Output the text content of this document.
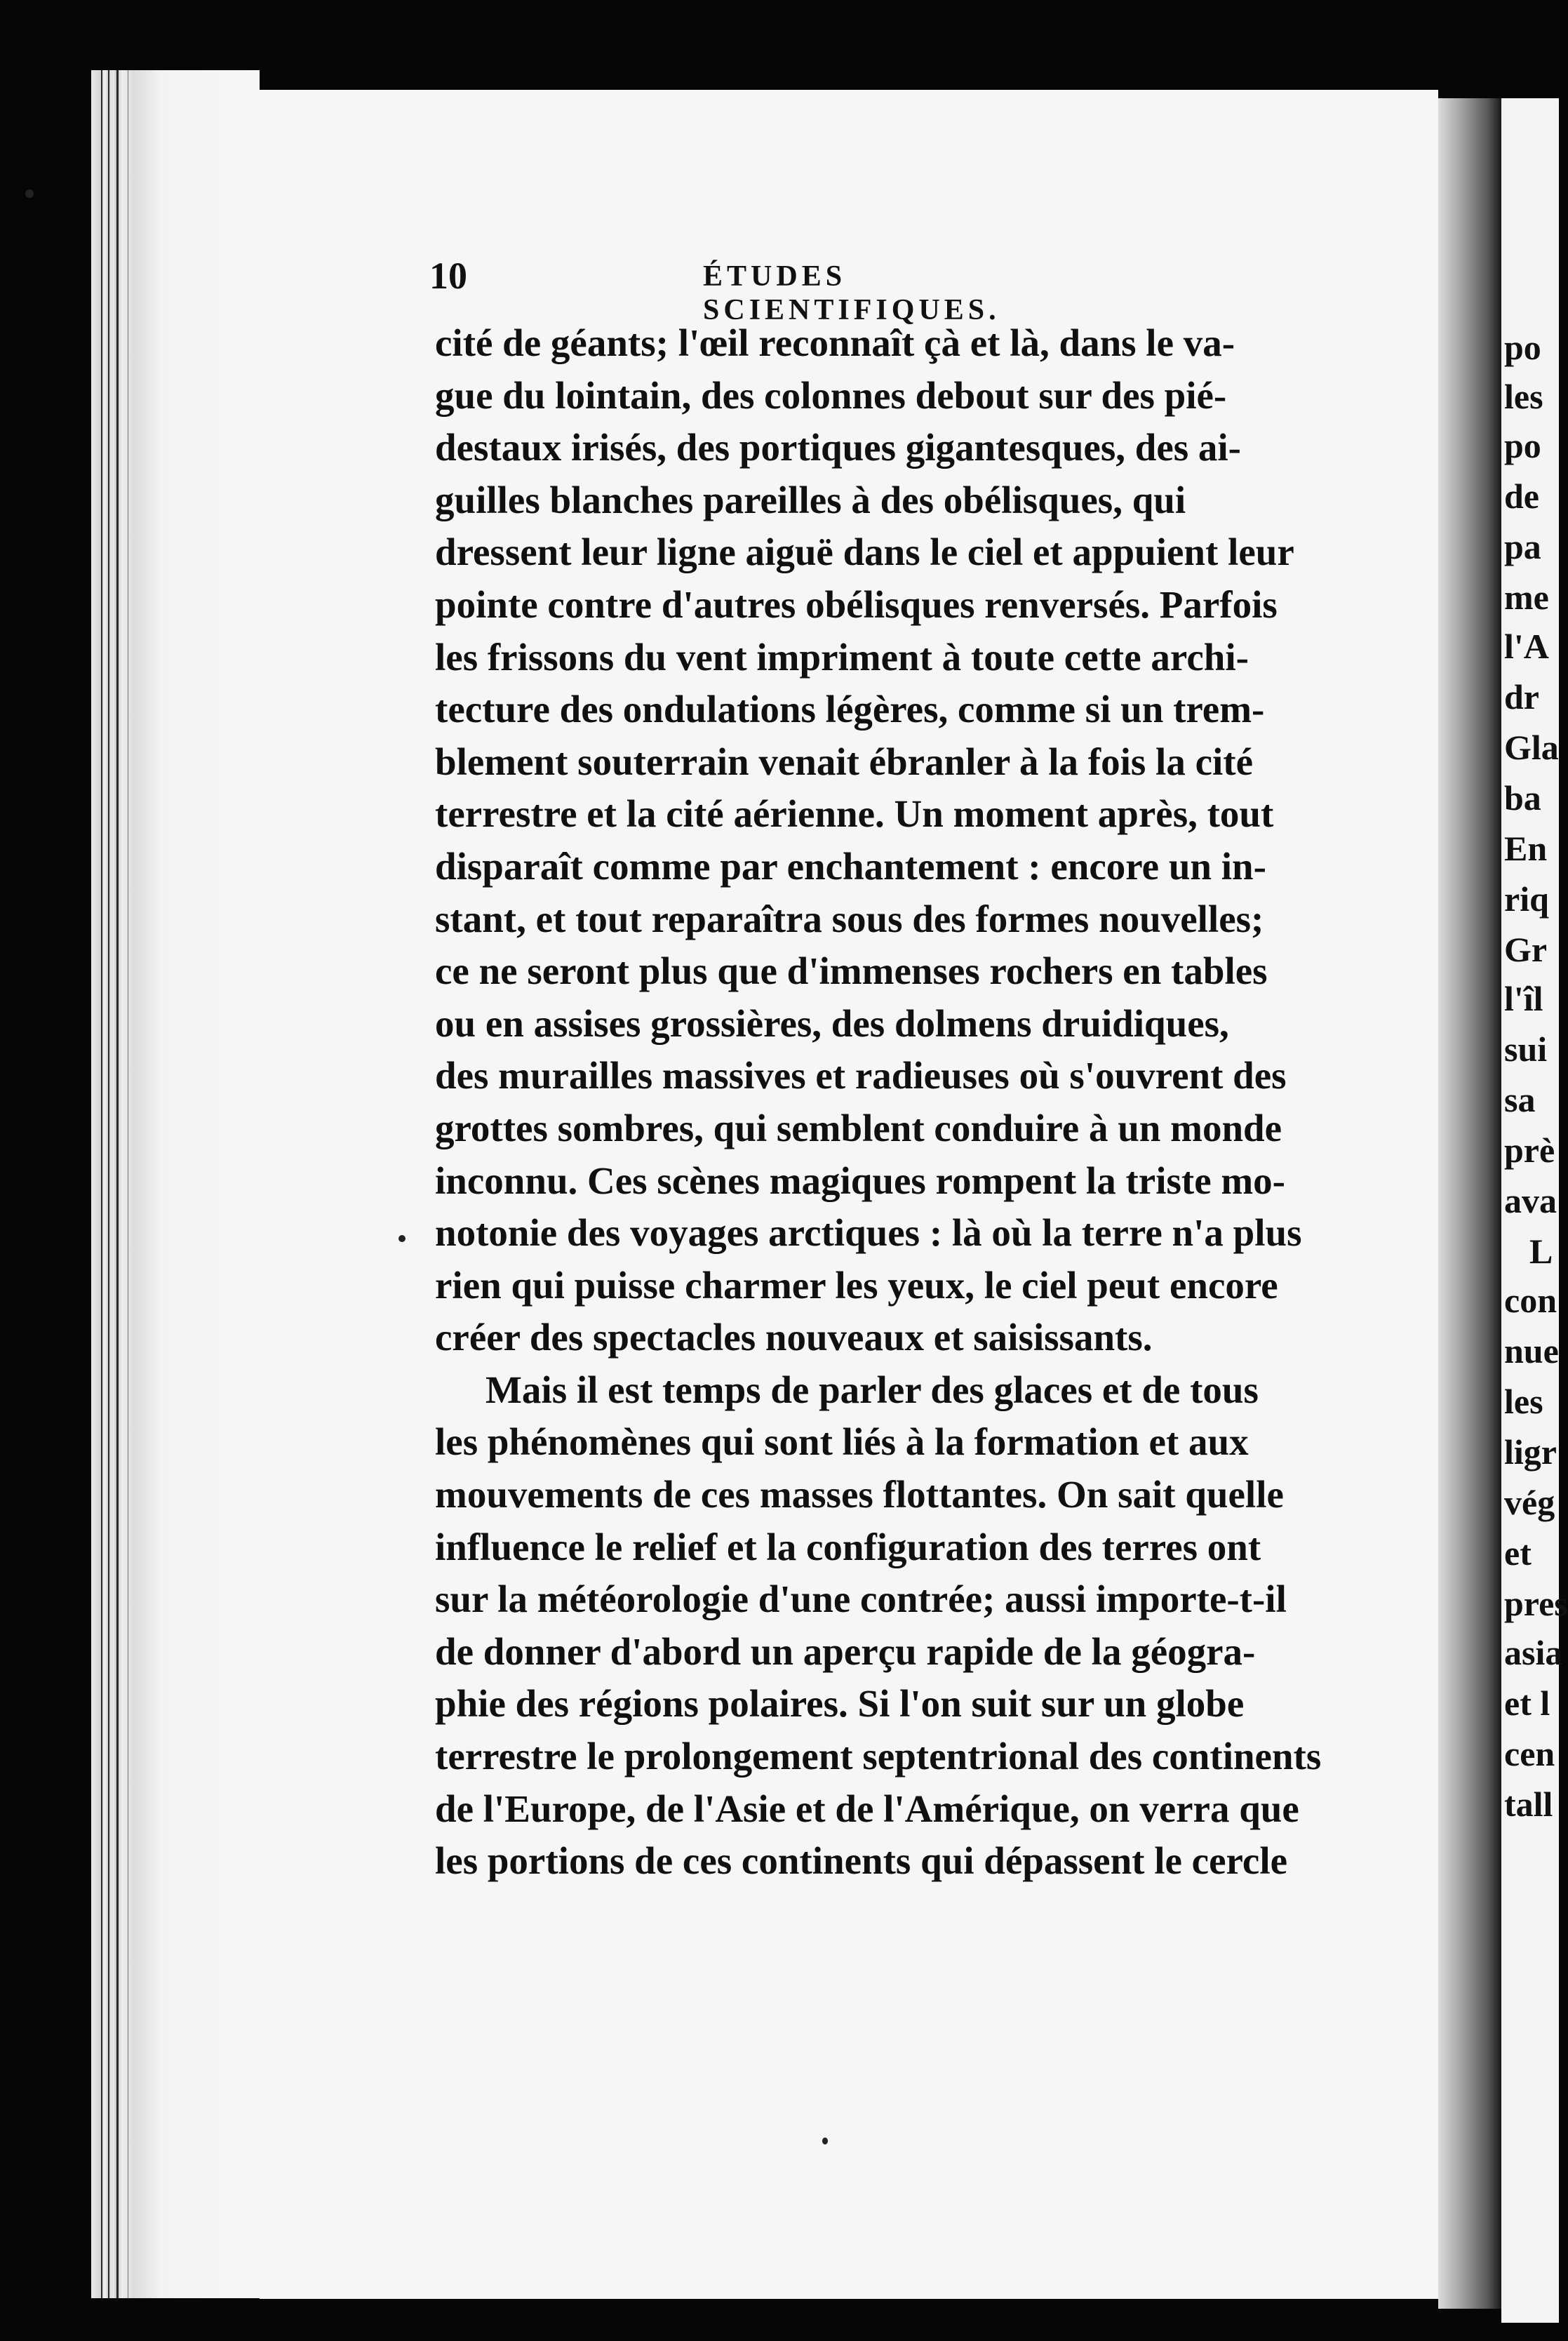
po
les
po
de
pa
me
l'A
dr
Gla
ba
En
riq
Gr
l'îl
sui
sa
prè
ava
L
con
nue
les
ligr
vég
et
pres
asia
et l
cen
tall
10	ÉTUDES SCIENTIFIQUES.
cité de géants; l'œil reconnaît çà et là, dans le va-
gue du lointain, des colonnes debout sur des pié-
destaux irisés, des portiques gigantesques, des ai-
guilles blanches pareilles à des obélisques, qui
dressent leur ligne aiguë dans le ciel et appuient leur
pointe contre d'autres obélisques renversés. Parfois
les frissons du vent impriment à toute cette archi-
tecture des ondulations légères, comme si un trem-
blement souterrain venait ébranler à la fois la cité
terrestre et la cité aérienne. Un moment après, tout
disparaît comme par enchantement : encore un in-
stant, et tout reparaîtra sous des formes nouvelles;
ce ne seront plus que d'immenses rochers en tables
ou en assises grossières, des dolmens druidiques,
des murailles massives et radieuses où s'ouvrent des
grottes sombres, qui semblent conduire à un monde
inconnu. Ces scènes magiques rompent la triste mo-
notonie des voyages arctiques : là où la terre n'a plus
rien qui puisse charmer les yeux, le ciel peut encore
créer des spectacles nouveaux et saisissants.
Mais il est temps de parler des glaces et de tous
les phénomènes qui sont liés à la formation et aux
mouvements de ces masses flottantes. On sait quelle
influence le relief et la configuration des terres ont
sur la météorologie d'une contrée; aussi importe-t-il
de donner d'abord un aperçu rapide de la géogra-
phie des régions polaires. Si l'on suit sur un globe
terrestre le prolongement septentrional des continents
de l'Europe, de l'Asie et de l'Amérique, on verra que
les portions de ces continents qui dépassent le cercle
